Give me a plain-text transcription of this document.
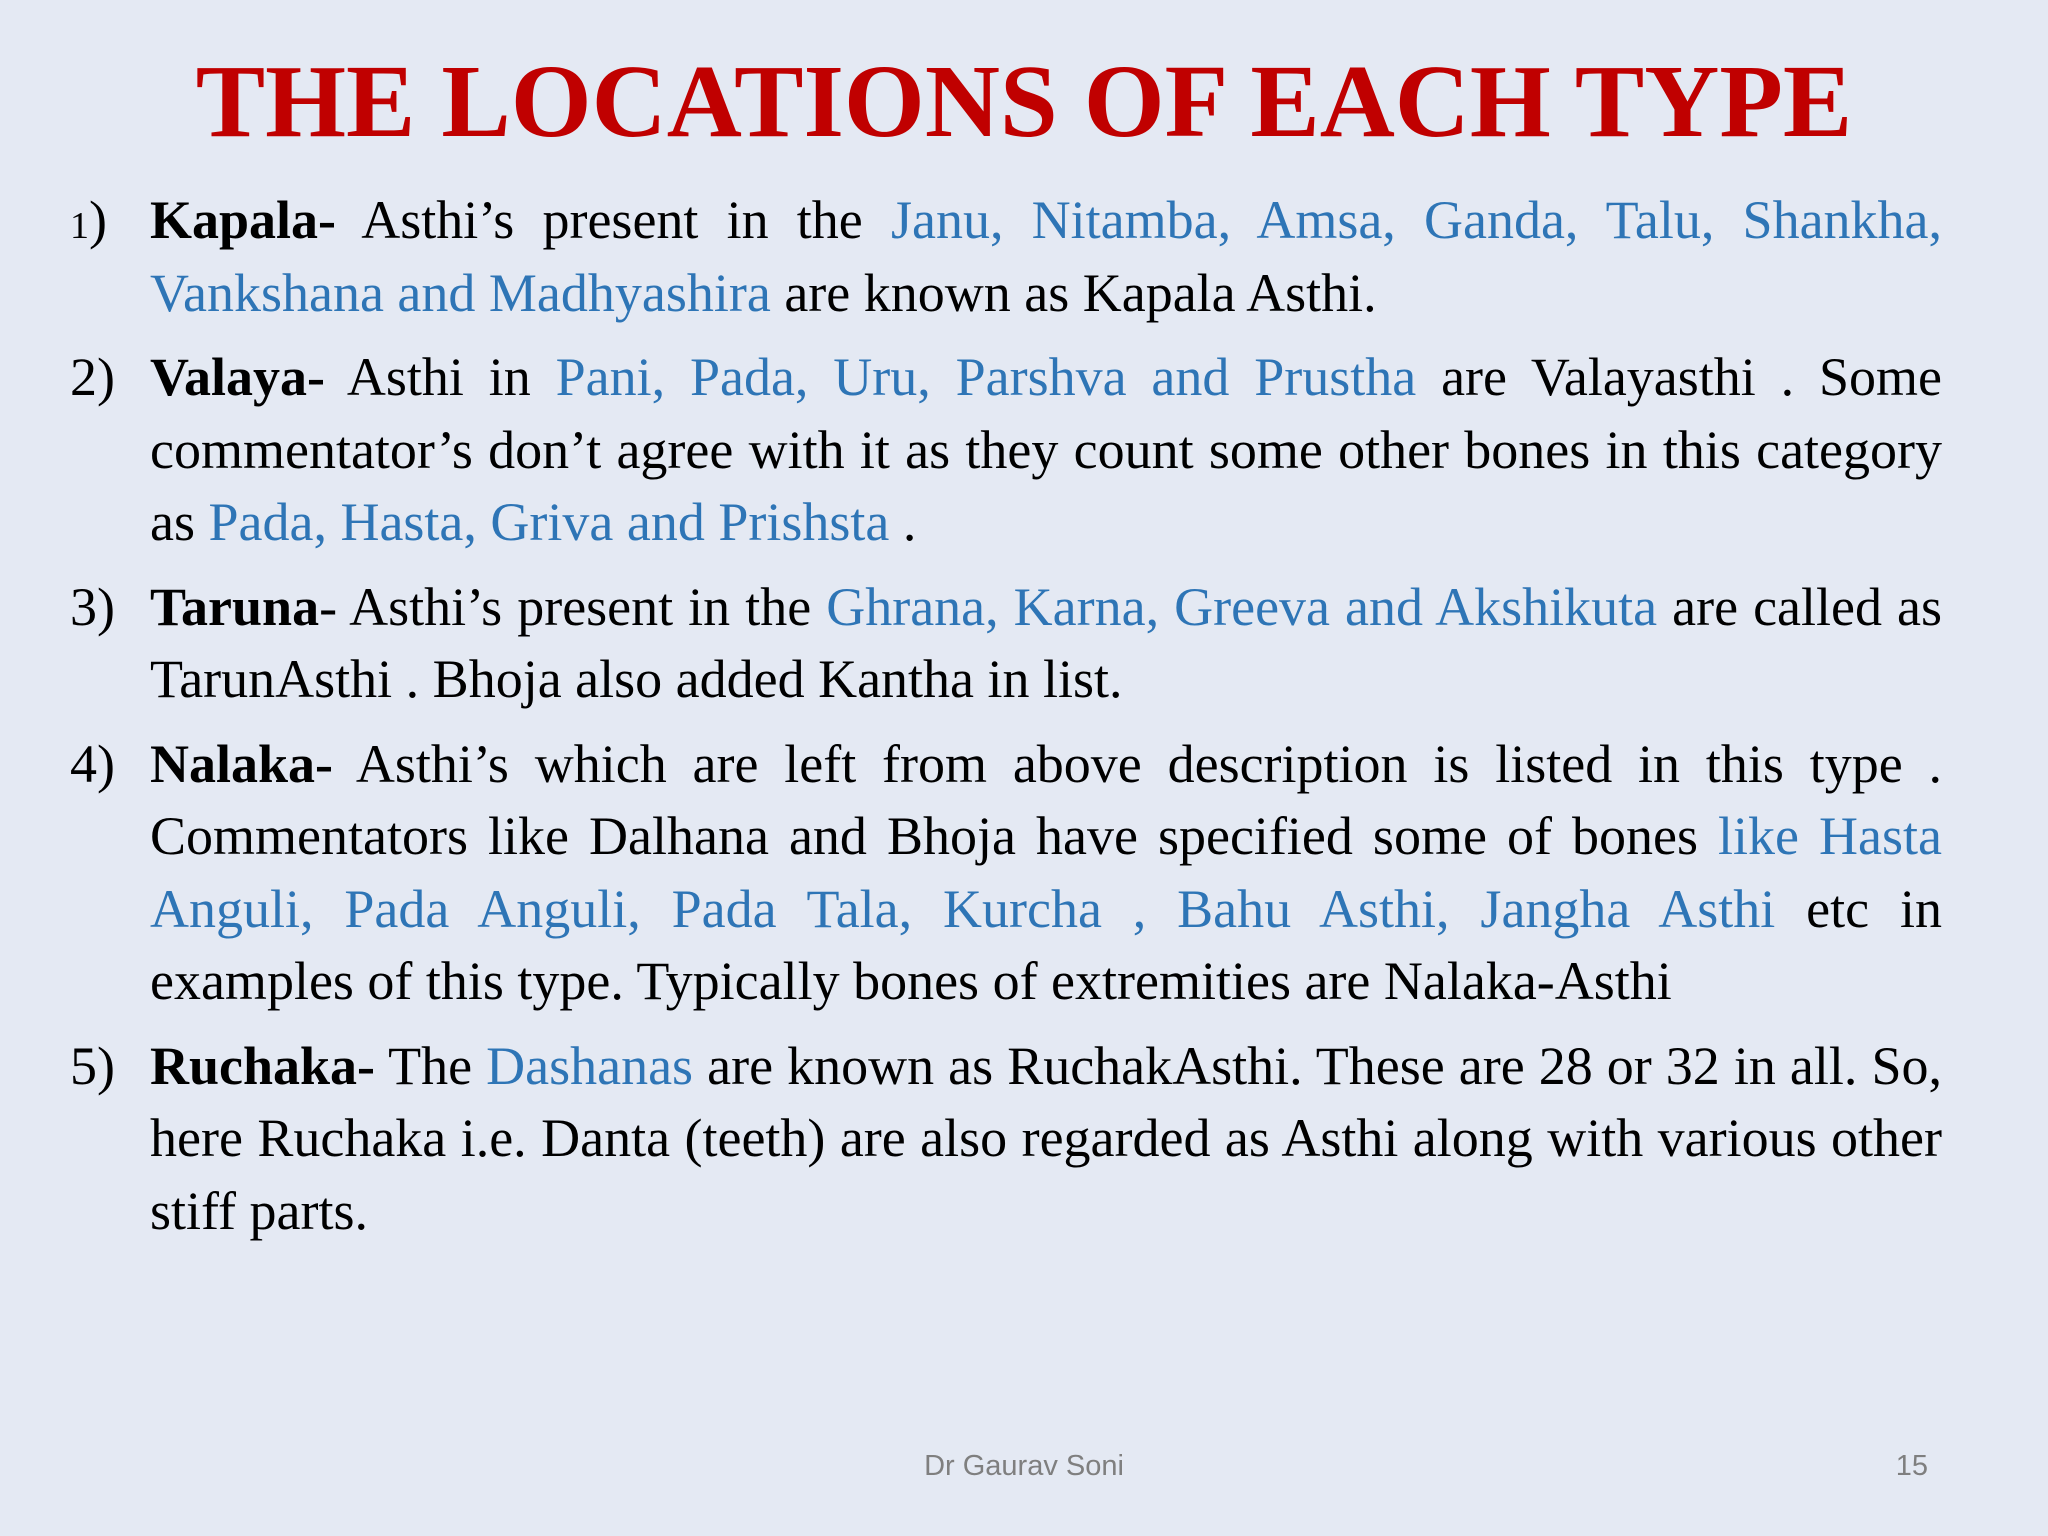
THE LOCATIONS OF EACH TYPE
1) Kapala- Asthi’s present in the Janu, Nitamba, Amsa, Ganda, Talu, Shankha, Vankshana and Madhyashira are known as Kapala Asthi.
2) Valaya- Asthi in Pani, Pada, Uru, Parshva and Prustha are Valayasthi . Some commentator’s don’t agree with it as they count some other bones in this category as Pada, Hasta, Griva and Prishsta .
3) Taruna- Asthi’s present in the Ghrana, Karna, Greeva and Akshikuta are called as TarunAsthi . Bhoja also added Kantha in list.
4) Nalaka- Asthi’s which are left from above description is listed in this type . Commentators like Dalhana and Bhoja have specified some of bones like Hasta Anguli, Pada Anguli, Pada Tala, Kurcha , Bahu Asthi, Jangha Asthi etc in examples of this type. Typically bones of extremities are Nalaka-Asthi
5) Ruchaka- The Dashanas are known as RuchakAsthi. These are 28 or 32 in all. So, here Ruchaka i.e. Danta (teeth) are also regarded as Asthi along with various other stiff parts.
Dr Gaurav Soni	15
